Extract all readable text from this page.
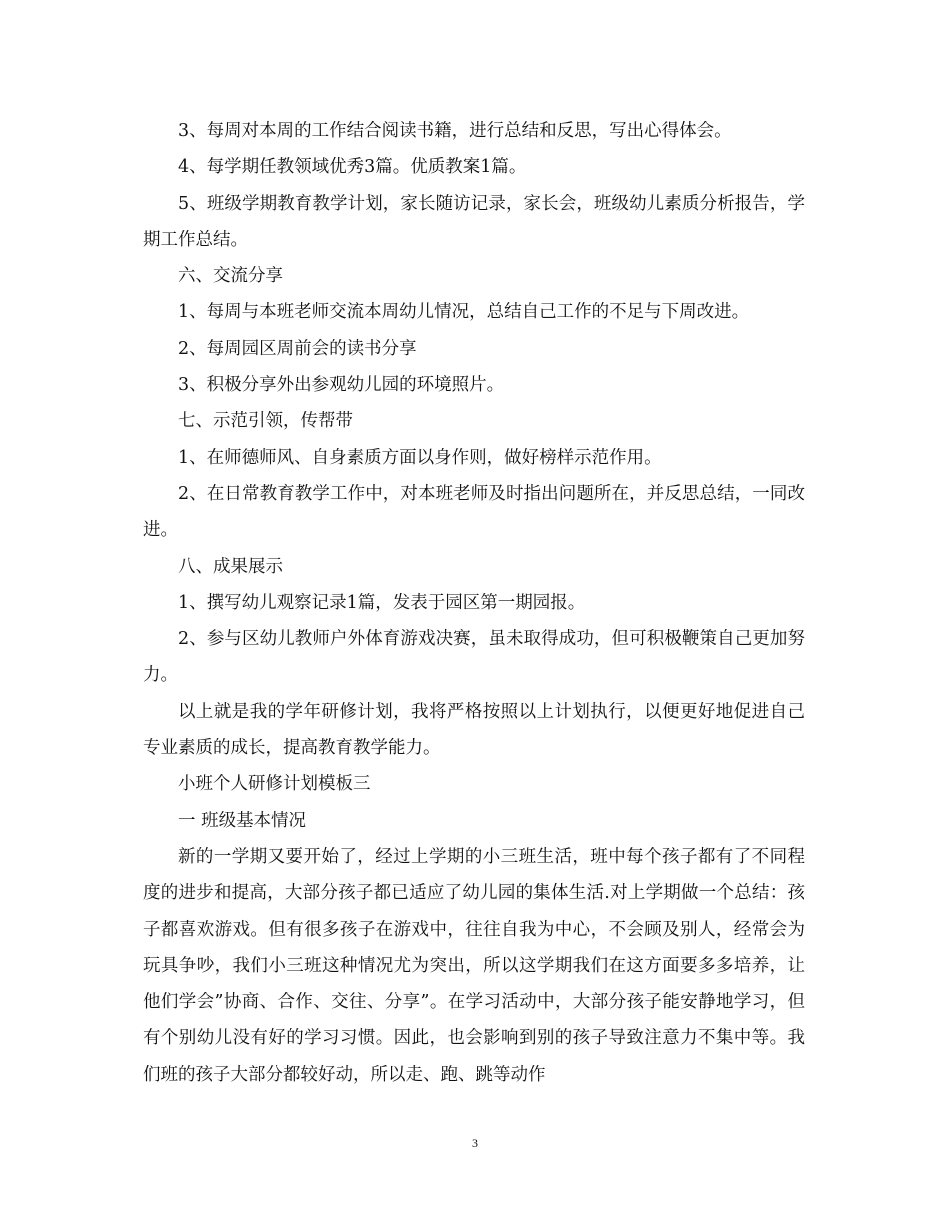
3、每周对本周的工作结合阅读书籍，进行总结和反思，写出心得体会。

4、每学期任教领域优秀3篇。优质教案1篇。

5、班级学期教育教学计划，家长随访记录，家长会，班级幼儿素质分析报告，学期工作总结。

六、交流分享

1、每周与本班老师交流本周幼儿情况，总结自己工作的不足与下周改进。

2、每周园区周前会的读书分享

3、积极分享外出参观幼儿园的环境照片。

七、示范引领，传帮带

1、在师德师风、自身素质方面以身作则，做好榜样示范作用。

2、在日常教育教学工作中，对本班老师及时指出问题所在，并反思总结，一同改进。

八、成果展示

1、撰写幼儿观察记录1篇，发表于园区第一期园报。

2、参与区幼儿教师户外体育游戏决赛，虽未取得成功，但可积极鞭策自己更加努力。

以上就是我的学年研修计划，我将严格按照以上计划执行，以便更好地促进自己专业素质的成长，提高教育教学能力。

小班个人研修计划模板三

一 班级基本情况

新的一学期又要开始了，经过上学期的小三班生活，班中每个孩子都有了不同程度的进步和提高，大部分孩子都已适应了幼儿园的集体生活.对上学期做一个总结：孩子都喜欢游戏。但有很多孩子在游戏中，往往自我为中心，不会顾及别人，经常会为玩具争吵，我们小三班这种情况尤为突出，所以这学期我们在这方面要多多培养，让他们学会”协商、合作、交往、分享”。在学习活动中，大部分孩子能安静地学习，但有个别幼儿没有好的学习习惯。因此，也会影响到别的孩子导致注意力不集中等。我们班的孩子大部分都较好动，所以走、跑、跳等动作

3
